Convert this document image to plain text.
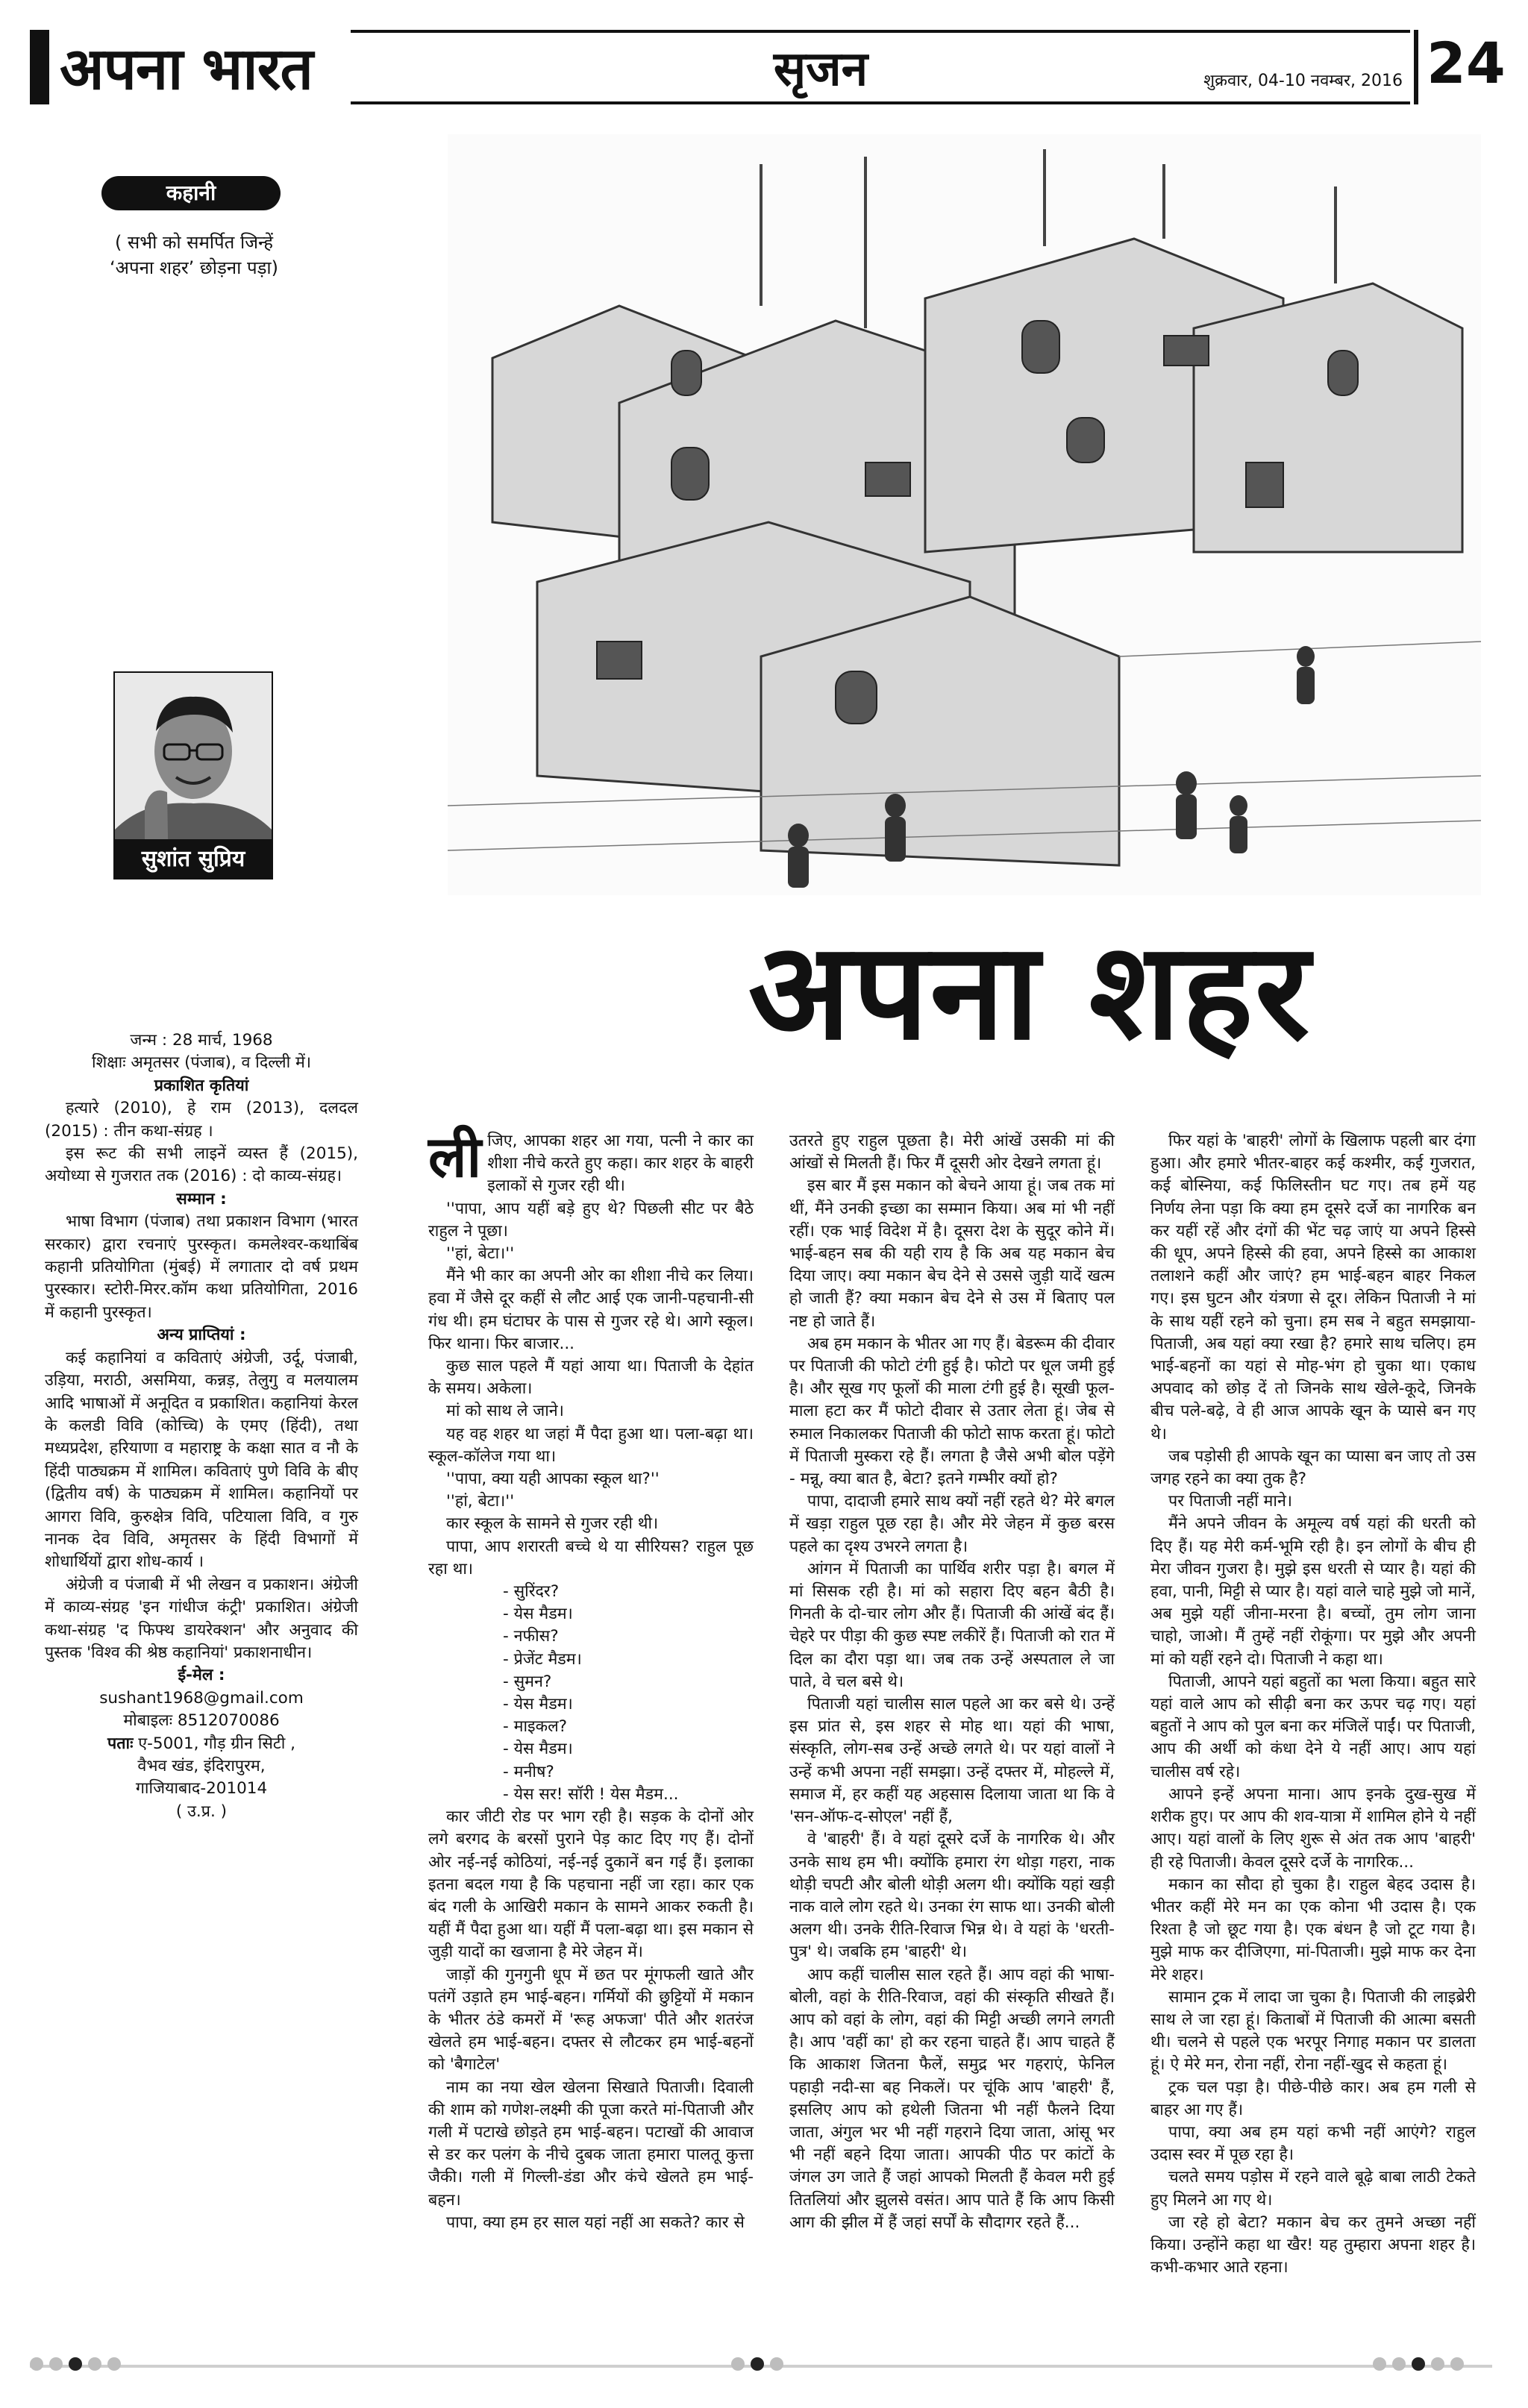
अपना भारत	सृजन	शुक्रवार, 04-10 नवम्बर, 2016 24
कहानी
( सभी को समर्पित जिन्हें
‘अपना शहर’ छोड़ना पड़ा)
सुशांत सुप्रिय
अपना शहर

जन्म : 28 मार्च, 1968

शिक्षाः अमृतसर (पंजाब), व दिल्ली में।

प्रकाशित कृतियां

हत्यारे (2010), हे राम (2013), दलदल (2015) : तीन कथा-संग्रह ।

इस रूट की सभी लाइनें व्यस्त हैं (2015), अयोध्या से गुजरात तक (2016) : दो काव्य-संग्रह।

सम्मान :

भाषा विभाग (पंजाब) तथा प्रकाशन विभाग (भारत सरकार) द्वारा रचनाएं पुरस्कृत। कमलेश्वर-कथाबिंब कहानी प्रतियोगिता (मुंबई) में लगातार दो वर्ष प्रथम पुरस्कार। स्टोरी-मिरर.कॉम कथा प्रतियोगिता, 2016 में कहानी पुरस्कृत।

अन्य प्राप्तियां :

कई कहानियां व कविताएं अंग्रेजी, उर्दू, पंजाबी, उड़िया, मराठी, असमिया, कन्नड़, तेलुगु व मलयालम आदि भाषाओं में अनूदित व प्रकाशित। कहानियां केरल के कलडी विवि (कोच्चि) के एमए (हिंदी), तथा मध्यप्रदेश, हरियाणा व महाराष्ट्र के कक्षा सात व नौ के हिंदी पाठ्यक्रम में शामिल। कविताएं पुणे विवि के बीए (द्वितीय वर्ष) के पाठ्यक्रम में शामिल। कहानियों पर आगरा विवि, कुरुक्षेत्र विवि, पटियाला विवि, व गुरु नानक देव विवि, अमृतसर के हिंदी विभागों में शोधार्थियों द्वारा शोध-कार्य ।

अंग्रेजी व पंजाबी में भी लेखन व प्रकाशन। अंग्रेजी में काव्य-संग्रह 'इन गांधीज कंट्री' प्रकाशित। अंग्रेजी कथा-संग्रह 'द फिफ्थ डायरेक्शन' और अनुवाद की पुस्तक 'विश्व की श्रेष्ठ कहानियां' प्रकाशनाधीन।

ई-मेल :

sushant1968@gmail.com

मोबाइलः 8512070086

पताः ए-5001, गौड़ ग्रीन सिटी ,

वैभव खंड, इंदिरापुरम,

गाजियाबाद-201014

( उ.प्र. )

लीजिए, आपका शहर आ गया, पत्नी ने कार का शीशा नीचे करते हुए कहा। कार शहर के बाहरी इलाकों से गुजर रही थी।

''पापा, आप यहीं बड़े हुए थे? पिछली सीट पर बैठे राहुल ने पूछा।

''हां, बेटा।''

मैंने भी कार का अपनी ओर का शीशा नीचे कर लिया। हवा में जैसे दूर कहीं से लौट आई एक जानी-पहचानी-सी गंध थी। हम घंटाघर के पास से गुजर रहे थे। आगे स्कूल। फिर थाना। फिर बाजार...

कुछ साल पहले मैं यहां आया था। पिताजी के देहांत के समय। अकेला।

मां को साथ ले जाने।

यह वह शहर था जहां मैं पैदा हुआ था। पला-बढ़ा था। स्कूल-कॉलेज गया था।

''पापा, क्या यही आपका स्कूल था?''

''हां, बेटा।''

कार स्कूल के सामने से गुजर रही थी।

पापा, आप शरारती बच्चे थे या सीरियस? राहुल पूछ रहा था।

- सुरिंदर?

- येस मैडम।

- नफीस?

- प्रेजेंट मैडम।

- सुमन?

- येस मैडम।

- माइकल?

- येस मैडम।

- मनीष?

- येस सर! सॉरी ! येस मैडम...

कार जीटी रोड पर भाग रही है। सड़क के दोनों ओर लगे बरगद के बरसों पुराने पेड़ काट दिए गए हैं। दोनों ओर नई-नई कोठियां, नई-नई दुकानें बन गई हैं। इलाका इतना बदल गया है कि पहचाना नहीं जा रहा। कार एक बंद गली के आखिरी मकान के सामने आकर रुकती है। यहीं मैं पैदा हुआ था। यहीं मैं पला-बढ़ा था। इस मकान से जुड़ी यादों का खजाना है मेरे जेहन में।

जाड़ों की गुनगुनी धूप में छत पर मूंगफली खाते और पतंगें उड़ाते हम भाई-बहन। गर्मियों की छुट्टियों में मकान के भीतर ठंडे कमरों में 'रूह अफजा' पीते और शतरंज खेलते हम भाई-बहन। दफ्तर से लौटकर हम भाई-बहनों को 'बैगाटेल'

नाम का नया खेल खेलना सिखाते पिताजी। दिवाली की शाम को गणेश-लक्ष्मी की पूजा करते मां-पिताजी और गली में पटाखे छोड़ते हम भाई-बहन। पटाखों की आवाज से डर कर पलंग के नीचे दुबक जाता हमारा पालतू कुत्ता जैकी। गली में गिल्ली-डंडा और कंचे खेलते हम भाई-बहन।

पापा, क्या हम हर साल यहां नहीं आ सकते? कार से

उतरते हुए राहुल पूछता है। मेरी आंखें उसकी मां की आंखों से मिलती हैं। फिर मैं दूसरी ओर देखने लगता हूं।

इस बार मैं इस मकान को बेचने आया हूं। जब तक मां थीं, मैंने उनकी इच्छा का सम्मान किया। अब मां भी नहीं रहीं। एक भाई विदेश में है। दूसरा देश के सुदूर कोने में। भाई-बहन सब की यही राय है कि अब यह मकान बेच दिया जाए। क्या मकान बेच देने से उससे जुड़ी यादें खत्म हो जाती हैं? क्या मकान बेच देने से उस में बिताए पल नष्ट हो जाते हैं।

अब हम मकान के भीतर आ गए हैं। बेडरूम की दीवार पर पिताजी की फोटो टंगी हुई है। फोटो पर धूल जमी हुई है। और सूख गए फूलों की माला टंगी हुई है। सूखी फूल-माला हटा कर मैं फोटो दीवार से उतार लेता हूं। जेब से रुमाल निकालकर पिताजी की फोटो साफ करता हूं। फोटो में पिताजी मुस्करा रहे हैं। लगता है जैसे अभी बोल पड़ेंगे - मन्नू, क्या बात है, बेटा? इतने गम्भीर क्यों हो?

पापा, दादाजी हमारे साथ क्यों नहीं रहते थे? मेरे बगल में खड़ा राहुल पूछ रहा है। और मेरे जेहन में कुछ बरस पहले का दृश्य उभरने लगता है।

आंगन में पिताजी का पार्थिव शरीर पड़ा है। बगल में मां सिसक रही है। मां को सहारा दिए बहन बैठी है। गिनती के दो-चार लोग और हैं। पिताजी की आंखें बंद हैं। चेहरे पर पीड़ा की कुछ स्पष्ट लकीरें हैं। पिताजी को रात में दिल का दौरा पड़ा था। जब तक उन्हें अस्पताल ले जा पाते, वे चल बसे थे।

पिताजी यहां चालीस साल पहले आ कर बसे थे। उन्हें इस प्रांत से, इस शहर से मोह था। यहां की भाषा, संस्कृति, लोग-सब उन्हें अच्छे लगते थे। पर यहां वालों ने उन्हें कभी अपना नहीं समझा। उन्हें दफ्तर में, मोहल्ले में, समाज में, हर कहीं यह अहसास दिलाया जाता था कि वे 'सन-ऑफ-द-सोएल' नहीं हैं,

वे 'बाहरी' हैं। वे यहां दूसरे दर्जे के नागरिक थे। और उनके साथ हम भी। क्योंकि हमारा रंग थोड़ा गहरा, नाक थोड़ी चपटी और बोली थोड़ी अलग थी। क्योंकि यहां खड़ी नाक वाले लोग रहते थे। उनका रंग साफ था। उनकी बोली अलग थी। उनके रीति-रिवाज भिन्न थे। वे यहां के 'धरती-पुत्र' थे। जबकि हम 'बाहरी' थे।

आप कहीं चालीस साल रहते हैं। आप वहां की भाषा-बोली, वहां के रीति-रिवाज, वहां की संस्कृति सीखते हैं। आप को वहां के लोग, वहां की मिट्टी अच्छी लगने लगती है। आप 'वहीं का' हो कर रहना चाहते हैं। आप चाहते हैं कि आकाश जितना फैलें, समुद्र भर गहराएं, फेनिल पहाड़ी नदी-सा बह निकलें। पर चूंकि आप 'बाहरी' हैं, इसलिए आप को हथेली जितना भी नहीं फैलने दिया जाता, अंगुल भर भी नहीं गहराने दिया जाता, आंसू भर भी नहीं बहने दिया जाता। आपकी पीठ पर कांटों के जंगल उग जाते हैं जहां आपको मिलती हैं केवल मरी हुई तितलियां और झुलसे वसंत। आप पाते हैं कि आप किसी आग की झील में हैं जहां सर्पों के सौदागर रहते हैं...

फिर यहां के 'बाहरी' लोगों के खिलाफ पहली बार दंगा हुआ। और हमारे भीतर-बाहर कई कश्मीर, कई गुजरात, कई बोस्निया, कई फिलिस्तीन घट गए। तब हमें यह निर्णय लेना पड़ा कि क्या हम दूसरे दर्जे का नागरिक बन कर यहीं रहें और दंगों की भेंट चढ़ जाएं या अपने हिस्से की धूप, अपने हिस्से की हवा, अपने हिस्से का आकाश तलाशने कहीं और जाएं? हम भाई-बहन बाहर निकल गए। इस घुटन और यंत्रणा से दूर। लेकिन पिताजी ने मां के साथ यहीं रहने को चुना। हम सब ने बहुत समझाया-पिताजी, अब यहां क्या रखा है? हमारे साथ चलिए। हम भाई-बहनों का यहां से मोह-भंग हो चुका था। एकाध अपवाद को छोड़ दें तो जिनके साथ खेले-कूदे, जिनके बीच पले-बढ़े, वे ही आज आपके खून के प्यासे बन गए थे।

जब पड़ोसी ही आपके खून का प्यासा बन जाए तो उस जगह रहने का क्या तुक है?

पर पिताजी नहीं माने।

मैंने अपने जीवन के अमूल्य वर्ष यहां की धरती को दिए हैं। यह मेरी कर्म-भूमि रही है। इन लोगों के बीच ही मेरा जीवन गुजरा है। मुझे इस धरती से प्यार है। यहां की हवा, पानी, मिट्टी से प्यार है। यहां वाले चाहे मुझे जो मानें, अब मुझे यहीं जीना-मरना है। बच्चों, तुम लोग जाना चाहो, जाओ। मैं तुम्हें नहीं रोकूंगा। पर मुझे और अपनी मां को यहीं रहने दो। पिताजी ने कहा था।

पिताजी, आपने यहां बहुतों का भला किया। बहुत सारे यहां वाले आप को सीढ़ी बना कर ऊपर चढ़ गए। यहां बहुतों ने आप को पुल बना कर मंजिलें पाईं। पर पिताजी, आप की अर्थी को कंधा देने ये नहीं आए। आप यहां चालीस वर्ष रहे।

आपने इन्हें अपना माना। आप इनके दुख-सुख में शरीक हुए। पर आप की शव-यात्रा में शामिल होने ये नहीं आए। यहां वालों के लिए शुरू से अंत तक आप 'बाहरी' ही रहे पिताजी। केवल दूसरे दर्जे के नागरिक...

मकान का सौदा हो चुका है। राहुल बेहद उदास है। भीतर कहीं मेरे मन का एक कोना भी उदास है। एक रिश्ता है जो छूट गया है। एक बंधन है जो टूट गया है। मुझे माफ कर दीजिएगा, मां-पिताजी। मुझे माफ कर देना मेरे शहर।

सामान ट्रक में लादा जा चुका है। पिताजी की लाइब्रेरी साथ ले जा रहा हूं। किताबों में पिताजी की आत्मा बसती थी। चलने से पहले एक भरपूर निगाह मकान पर डालता हूं। ऐ मेरे मन, रोना नहीं, रोना नहीं-खुद से कहता हूं।

ट्रक चल पड़ा है। पीछे-पीछे कार। अब हम गली से बाहर आ गए हैं।

पापा, क्या अब हम यहां कभी नहीं आएंगे? राहुल उदास स्वर में पूछ रहा है।

चलते समय पड़ोस में रहने वाले बूढ़े बाबा लाठी टेकते हुए मिलने आ गए थे।

जा रहे हो बेटा? मकान बेच कर तुमने अच्छा नहीं किया। उन्होंने कहा था खैर! यह तुम्हारा अपना शहर है। कभी-कभार आते रहना।
